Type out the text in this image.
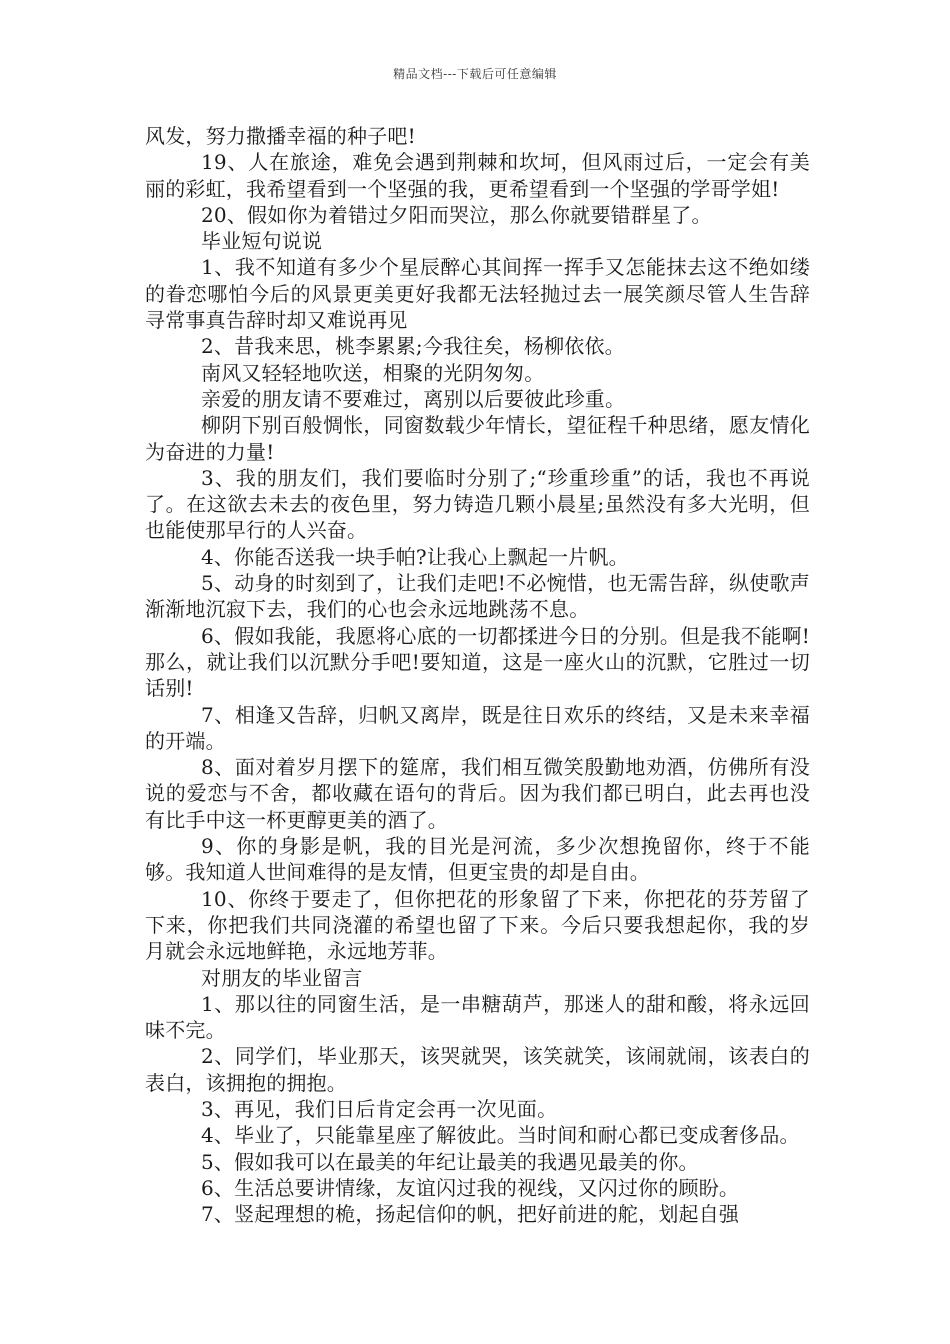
精品文档---下载后可任意编辑

风发，努力撒播幸福的种子吧!

19、人在旅途，难免会遇到荆棘和坎坷，但风雨过后，一定会有美丽的彩虹，我希望看到一个坚强的我，更希望看到一个坚强的学哥学姐!

20、假如你为着错过夕阳而哭泣，那么你就要错群星了。

毕业短句说说

1、我不知道有多少个星辰醉心其间挥一挥手又怎能抹去这不绝如缕的眷恋哪怕今后的风景更美更好我都无法轻抛过去一展笑颜尽管人生告辞寻常事真告辞时却又难说再见

2、昔我来思，桃李累累;今我往矣，杨柳依依。

南风又轻轻地吹送，相聚的光阴匆匆。

亲爱的朋友请不要难过，离别以后要彼此珍重。

柳阴下别百般惆怅，同窗数载少年情长，望征程千种思绪，愿友情化为奋进的力量!

3、我的朋友们，我们要临时分别了;“珍重珍重”的话，我也不再说了。在这欲去未去的夜色里，努力铸造几颗小晨星;虽然没有多大光明，但也能使那早行的人兴奋。

4、你能否送我一块手帕?让我心上飘起一片帆。

5、动身的时刻到了，让我们走吧!不必惋惜，也无需告辞，纵使歌声渐渐地沉寂下去，我们的心也会永远地跳荡不息。

6、假如我能，我愿将心底的一切都揉进今日的分别。但是我不能啊!那么，就让我们以沉默分手吧!要知道，这是一座火山的沉默，它胜过一切话别!

7、相逢又告辞，归帆又离岸，既是往日欢乐的终结，又是未来幸福的开端。

8、面对着岁月摆下的筵席，我们相互微笑殷勤地劝酒，仿佛所有没说的爱恋与不舍，都收藏在语句的背后。因为我们都已明白，此去再也没有比手中这一杯更醇更美的酒了。

9、你的身影是帆，我的目光是河流，多少次想挽留你，终于不能够。我知道人世间难得的是友情，但更宝贵的却是自由。

10、你终于要走了，但你把花的形象留了下来，你把花的芬芳留了下来，你把我们共同浇灌的希望也留了下来。今后只要我想起你，我的岁月就会永远地鲜艳，永远地芳菲。

对朋友的毕业留言

1、那以往的同窗生活，是一串糖葫芦，那迷人的甜和酸，将永远回味不完。

2、同学们，毕业那天，该哭就哭，该笑就笑，该闹就闹，该表白的表白，该拥抱的拥抱。

3、再见，我们日后肯定会再一次见面。

4、毕业了，只能靠星座了解彼此。当时间和耐心都已变成奢侈品。

5、假如我可以在最美的年纪让最美的我遇见最美的你。

6、生活总要讲情缘，友谊闪过我的视线，又闪过你的顾盼。

7、竖起理想的桅，扬起信仰的帆，把好前进的舵，划起自强
